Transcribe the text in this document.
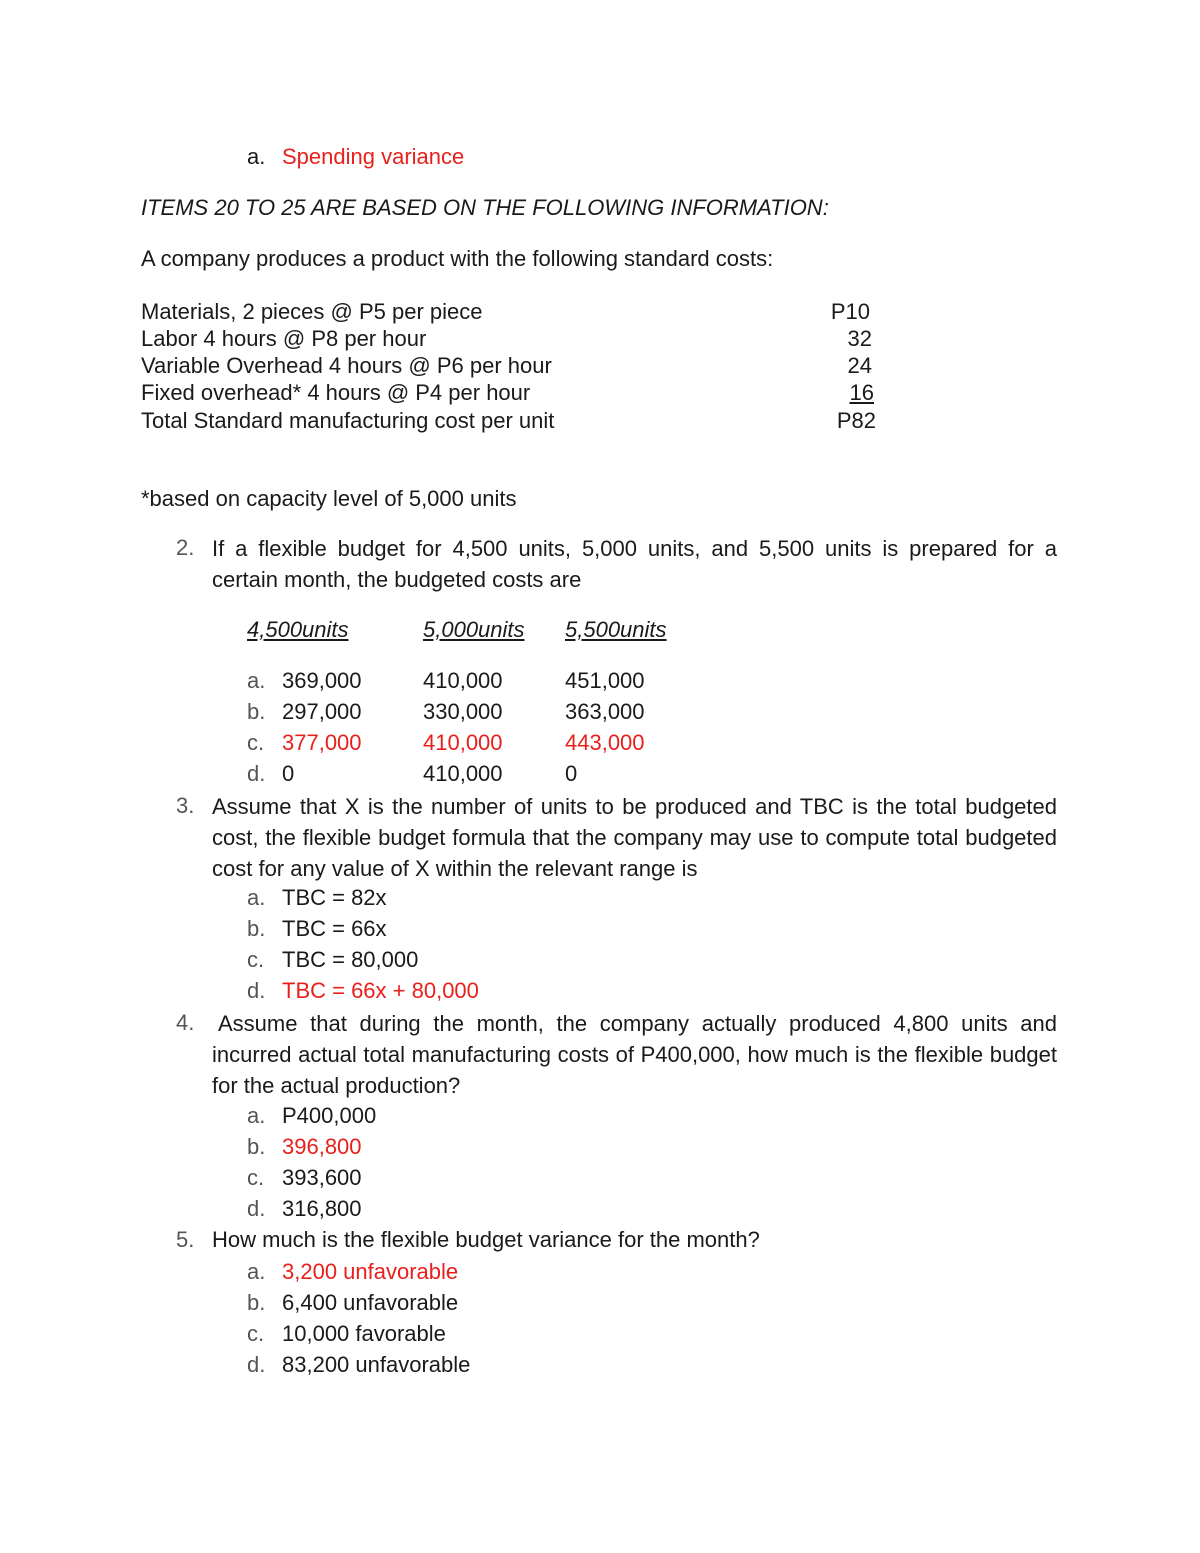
a. Spending variance
ITEMS 20 TO 25 ARE BASED ON THE FOLLOWING INFORMATION:
A company produces a product with the following standard costs:
Materials, 2 pieces @ P5 per piece	P10
Labor 4 hours @ P8 per hour	32
Variable Overhead 4 hours @ P6 per hour	24
Fixed overhead* 4 hours @ P4 per hour	16
Total Standard manufacturing cost per unit	P82
*based on capacity level of 5,000 units
2. If a flexible budget for 4,500 units, 5,000 units, and 5,500 units is prepared for a certain month, the budgeted costs are
4,500units	5,000units 5,500units
a. 369,000	410,000	451,000
b. 297,000	330,000	363,000
c. 377,000	410,000	443,000
d. 0	410,000	0
3. Assume that X is the number of units to be produced and TBC is the total budgeted cost, the flexible budget formula that the company may use to compute total budgeted cost for any value of X within the relevant range is
a. TBC = 82x
b. TBC = 66x
c. TBC = 80,000
d. TBC = 66x + 80,000
4. Assume that during the month, the company actually produced 4,800 units and incurred actual total manufacturing costs of P400,000, how much is the flexible budget for the actual production?
a. P400,000
b. 396,800
c. 393,600
d. 316,800
5. How much is the flexible budget variance for the month?
a. 3,200 unfavorable
b. 6,400 unfavorable
c. 10,000 favorable
d. 83,200 unfavorable
